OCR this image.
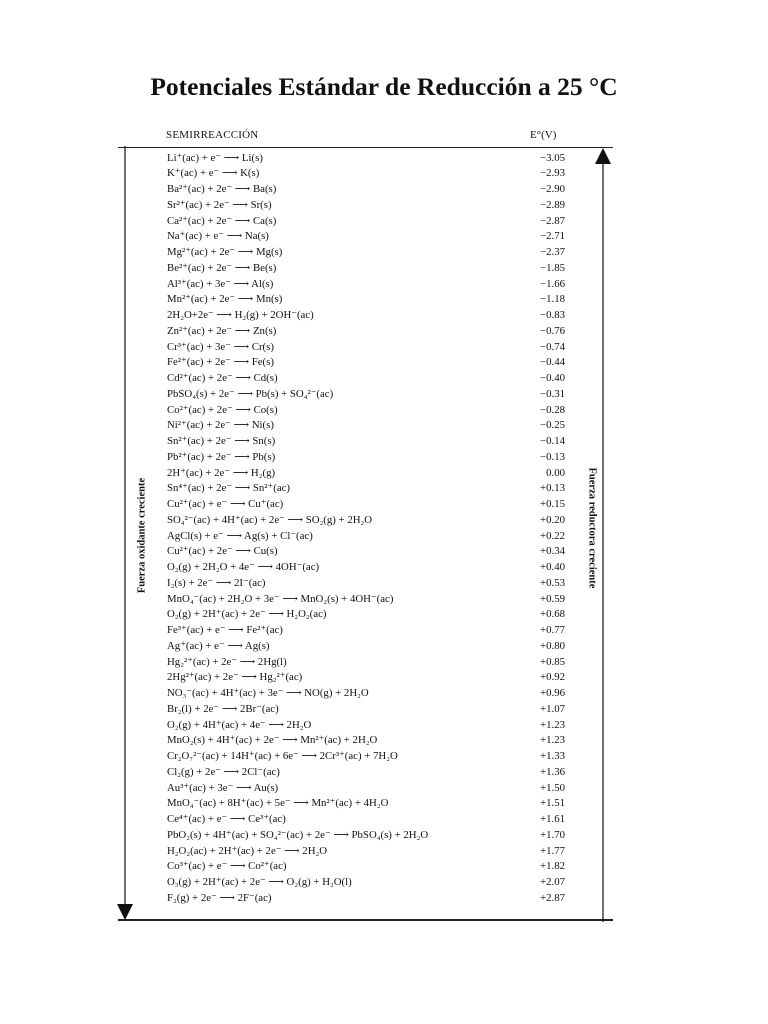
Potenciales Estándar de Reducción a 25 °C
SEMIRREACCIÓN	E°(V)
Li⁺(ac) + e⁻ ⟶ Li(s)	−3.05
K⁺(ac) + e⁻ ⟶ K(s)	−2.93
Ba²⁺(ac) + 2e⁻ ⟶ Ba(s)	−2.90
Sr²⁺(ac) + 2e⁻ ⟶ Sr(s)	−2.89
Ca²⁺(ac) + 2e⁻ ⟶ Ca(s)	−2.87
Na⁺(ac) + e⁻ ⟶ Na(s)	−2.71
Mg²⁺(ac) + 2e⁻ ⟶ Mg(s)	−2.37
Be²⁺(ac) + 2e⁻ ⟶ Be(s)	−1.85
Al³⁺(ac) + 3e⁻ ⟶ Al(s)	−1.66
Mn²⁺(ac) + 2e⁻ ⟶ Mn(s)	−1.18
2H₂O+2e⁻ ⟶ H₂(g) + 2OH⁻(ac)	−0.83
Zn²⁺(ac) + 2e⁻ ⟶ Zn(s)	−0.76
Cr³⁺(ac) + 3e⁻ ⟶ Cr(s)	−0.74
Fe²⁺(ac) + 2e⁻ ⟶ Fe(s)	−0.44
Cd²⁺(ac) + 2e⁻ ⟶ Cd(s)	−0.40
PbSO₄(s) + 2e⁻ ⟶ Pb(s) + SO₄²⁻(ac)	−0.31
Co²⁺(ac) + 2e⁻ ⟶ Co(s)	−0.28
Ni²⁺(ac) + 2e⁻ ⟶ Ni(s)	−0.25
Sn²⁺(ac) + 2e⁻ ⟶ Sn(s)	−0.14
Pb²⁺(ac) + 2e⁻ ⟶ Pb(s)	−0.13
2H⁺(ac) + 2e⁻ ⟶ H₂(g)	0.00
Sn⁴⁺(ac) + 2e⁻ ⟶ Sn²⁺(ac)	+0.13
Cu²⁺(ac) + e⁻ ⟶ Cu⁺(ac)	+0.15
SO₄²⁻(ac) + 4H⁺(ac) + 2e⁻ ⟶ SO₂(g) + 2H₂O	+0.20
AgCl(s) + e⁻ ⟶ Ag(s) + Cl⁻(ac)	+0.22
Cu²⁺(ac) + 2e⁻ ⟶ Cu(s)	+0.34
O₂(g) + 2H₂O + 4e⁻ ⟶ 4OH⁻(ac)	+0.40
I₂(s) + 2e⁻ ⟶ 2I⁻(ac)	+0.53
MnO₄⁻(ac) + 2H₂O + 3e⁻ ⟶ MnO₂(s) + 4OH⁻(ac)	+0.59
O₂(g) + 2H⁺(ac) + 2e⁻ ⟶ H₂O₂(ac)	+0.68
Fe³⁺(ac) + e⁻ ⟶ Fe²⁺(ac)	+0.77
Ag⁺(ac) + e⁻ ⟶ Ag(s)	+0.80
Hg₂²⁺(ac) + 2e⁻ ⟶ 2Hg(l)	+0.85
2Hg²⁺(ac) + 2e⁻ ⟶ Hg₂²⁺(ac)	+0.92
NO₃⁻(ac) + 4H⁺(ac) + 3e⁻ ⟶ NO(g) + 2H₂O	+0.96
Br₂(l) + 2e⁻ ⟶ 2Br⁻(ac)	+1.07
O₂(g) + 4H⁺(ac) + 4e⁻ ⟶ 2H₂O	+1.23
MnO₂(s) + 4H⁺(ac) + 2e⁻ ⟶ Mn²⁺(ac) + 2H₂O	+1.23
Cr₂O₇²⁻(ac) + 14H⁺(ac) + 6e⁻ ⟶ 2Cr³⁺(ac) + 7H₂O	+1.33
Cl₂(g) + 2e⁻ ⟶ 2Cl⁻(ac)	+1.36
Au³⁺(ac) + 3e⁻ ⟶ Au(s)	+1.50
MnO₄⁻(ac) + 8H⁺(ac) + 5e⁻ ⟶ Mn²⁺(ac) + 4H₂O	+1.51
Ce⁴⁺(ac) + e⁻ ⟶ Ce³⁺(ac)	+1.61
PbO₂(s) + 4H⁺(ac) + SO₄²⁻(ac) + 2e⁻ ⟶ PbSO₄(s) + 2H₂O	+1.70
H₂O₂(ac) + 2H⁺(ac) + 2e⁻ ⟶ 2H₂O	+1.77
Co³⁺(ac) + e⁻ ⟶ Co²⁺(ac)	+1.82
O₃(g) + 2H⁺(ac) + 2e⁻ ⟶ O₂(g) + H₂O(l)	+2.07
F₂(g) + 2e⁻ ⟶ 2F⁻(ac)	+2.87
Fuerza oxidante creciente	Fuerza reductora creciente
